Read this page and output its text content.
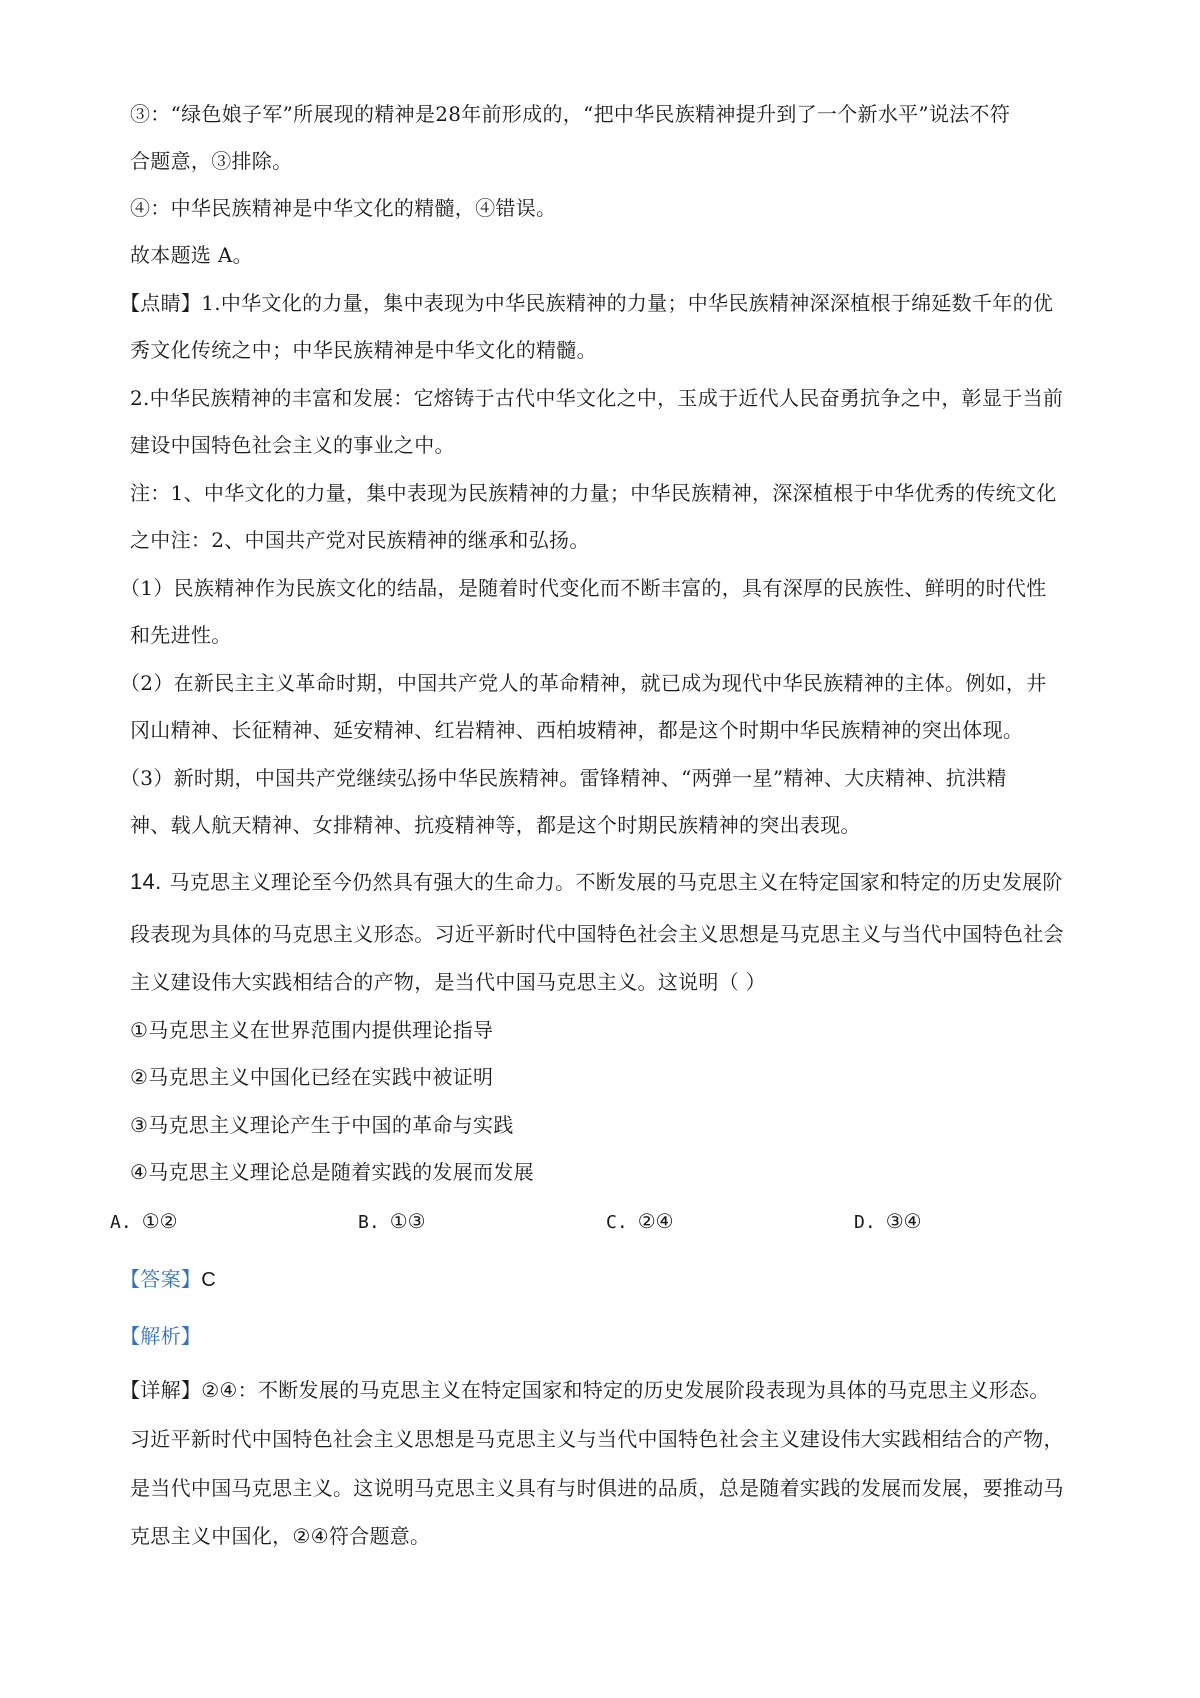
③：“绿色娘子军”所展现的精神是28年前形成的，“把中华民族精神提升到了一个新水平”说法不符
合题意，③排除。
④：中华民族精神是中华文化的精髓，④错误。
故本题选 A。
【点睛】1.中华文化的力量，集中表现为中华民族精神的力量；中华民族精神深深植根于绵延数千年的优
秀文化传统之中；中华民族精神是中华文化的精髓。
2.中华民族精神的丰富和发展：它熔铸于古代中华文化之中，玉成于近代人民奋勇抗争之中，彰显于当前
建设中国特色社会主义的事业之中。
注：1、中华文化的力量，集中表现为民族精神的力量；中华民族精神，深深植根于中华优秀的传统文化
之中注：2、中国共产党对民族精神的继承和弘扬。
（1）民族精神作为民族文化的结晶，是随着时代变化而不断丰富的，具有深厚的民族性、鲜明的时代性
和先进性。
（2）在新民主主义革命时期，中国共产党人的革命精神，就已成为现代中华民族精神的主体。例如，井
冈山精神、长征精神、延安精神、红岩精神、西柏坡精神，都是这个时期中华民族精神的突出体现。
（3）新时期，中国共产党继续弘扬中华民族精神。雷锋精神、“两弹一星”精神、大庆精神、抗洪精
神、载人航天精神、女排精神、抗疫精神等，都是这个时期民族精神的突出表现。
14. 马克思主义理论至今仍然具有强大的生命力。不断发展的马克思主义在特定国家和特定的历史发展阶
段表现为具体的马克思主义形态。习近平新时代中国特色社会主义思想是马克思主义与当代中国特色社会
主义建设伟大实践相结合的产物，是当代中国马克思主义。这说明（ ）
①马克思主义在世界范围内提供理论指导
②马克思主义中国化已经在实践中被证明
③马克思主义理论产生于中国的革命与实践
④马克思主义理论总是随着实践的发展而发展
A. ①②	B. ①③	C. ②④	D. ③④
【答案】C
【解析】
【详解】②④：不断发展的马克思主义在特定国家和特定的历史发展阶段表现为具体的马克思主义形态。
习近平新时代中国特色社会主义思想是马克思主义与当代中国特色社会主义建设伟大实践相结合的产物，
是当代中国马克思主义。这说明马克思主义具有与时俱进的品质，总是随着实践的发展而发展，要推动马
克思主义中国化，②④符合题意。
